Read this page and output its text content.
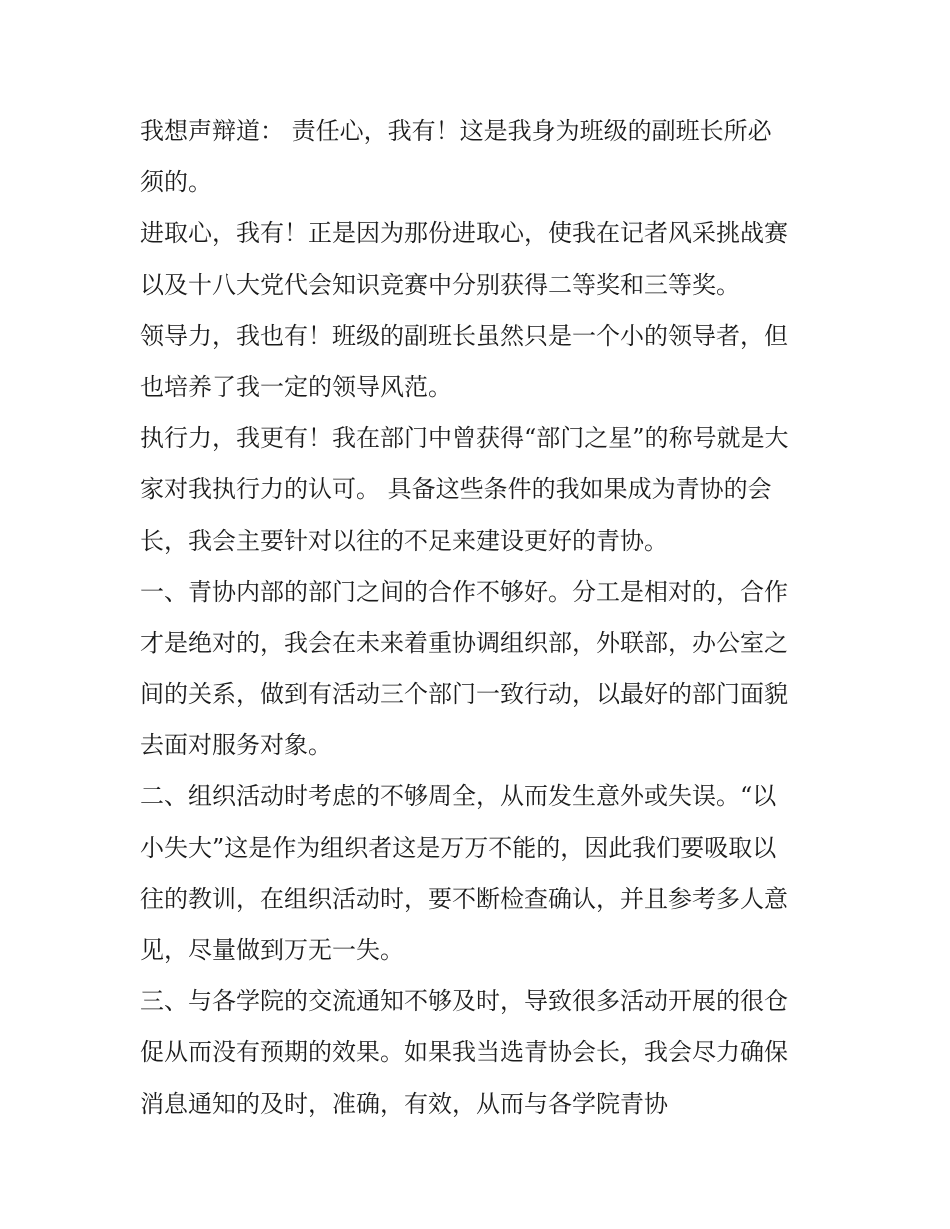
我想声辩道： 责任心，我有！这是我身为班级的副班长所必
须的。
进取心，我有！正是因为那份进取心，使我在记者风采挑战赛
以及十八大党代会知识竞赛中分别获得二等奖和三等奖。
领导力，我也有！班级的副班长虽然只是一个小的领导者，但
也培养了我一定的领导风范。
执行力，我更有！我在部门中曾获得“部门之星”的称号就是大
家对我执行力的认可。 具备这些条件的我如果成为青协的会
长，我会主要针对以往的不足来建设更好的青协。
一、青协内部的部门之间的合作不够好。分工是相对的，合作
才是绝对的，我会在未来着重协调组织部，外联部，办公室之
间的关系，做到有活动三个部门一致行动，以最好的部门面貌
去面对服务对象。
二、组织活动时考虑的不够周全，从而发生意外或失误。“以
小失大”这是作为组织者这是万万不能的，因此我们要吸取以
往的教训，在组织活动时，要不断检查确认，并且参考多人意
见，尽量做到万无一失。
三、与各学院的交流通知不够及时，导致很多活动开展的很仓
促从而没有预期的效果。如果我当选青协会长，我会尽力确保
消息通知的及时，准确，有效，从而与各学院青协
